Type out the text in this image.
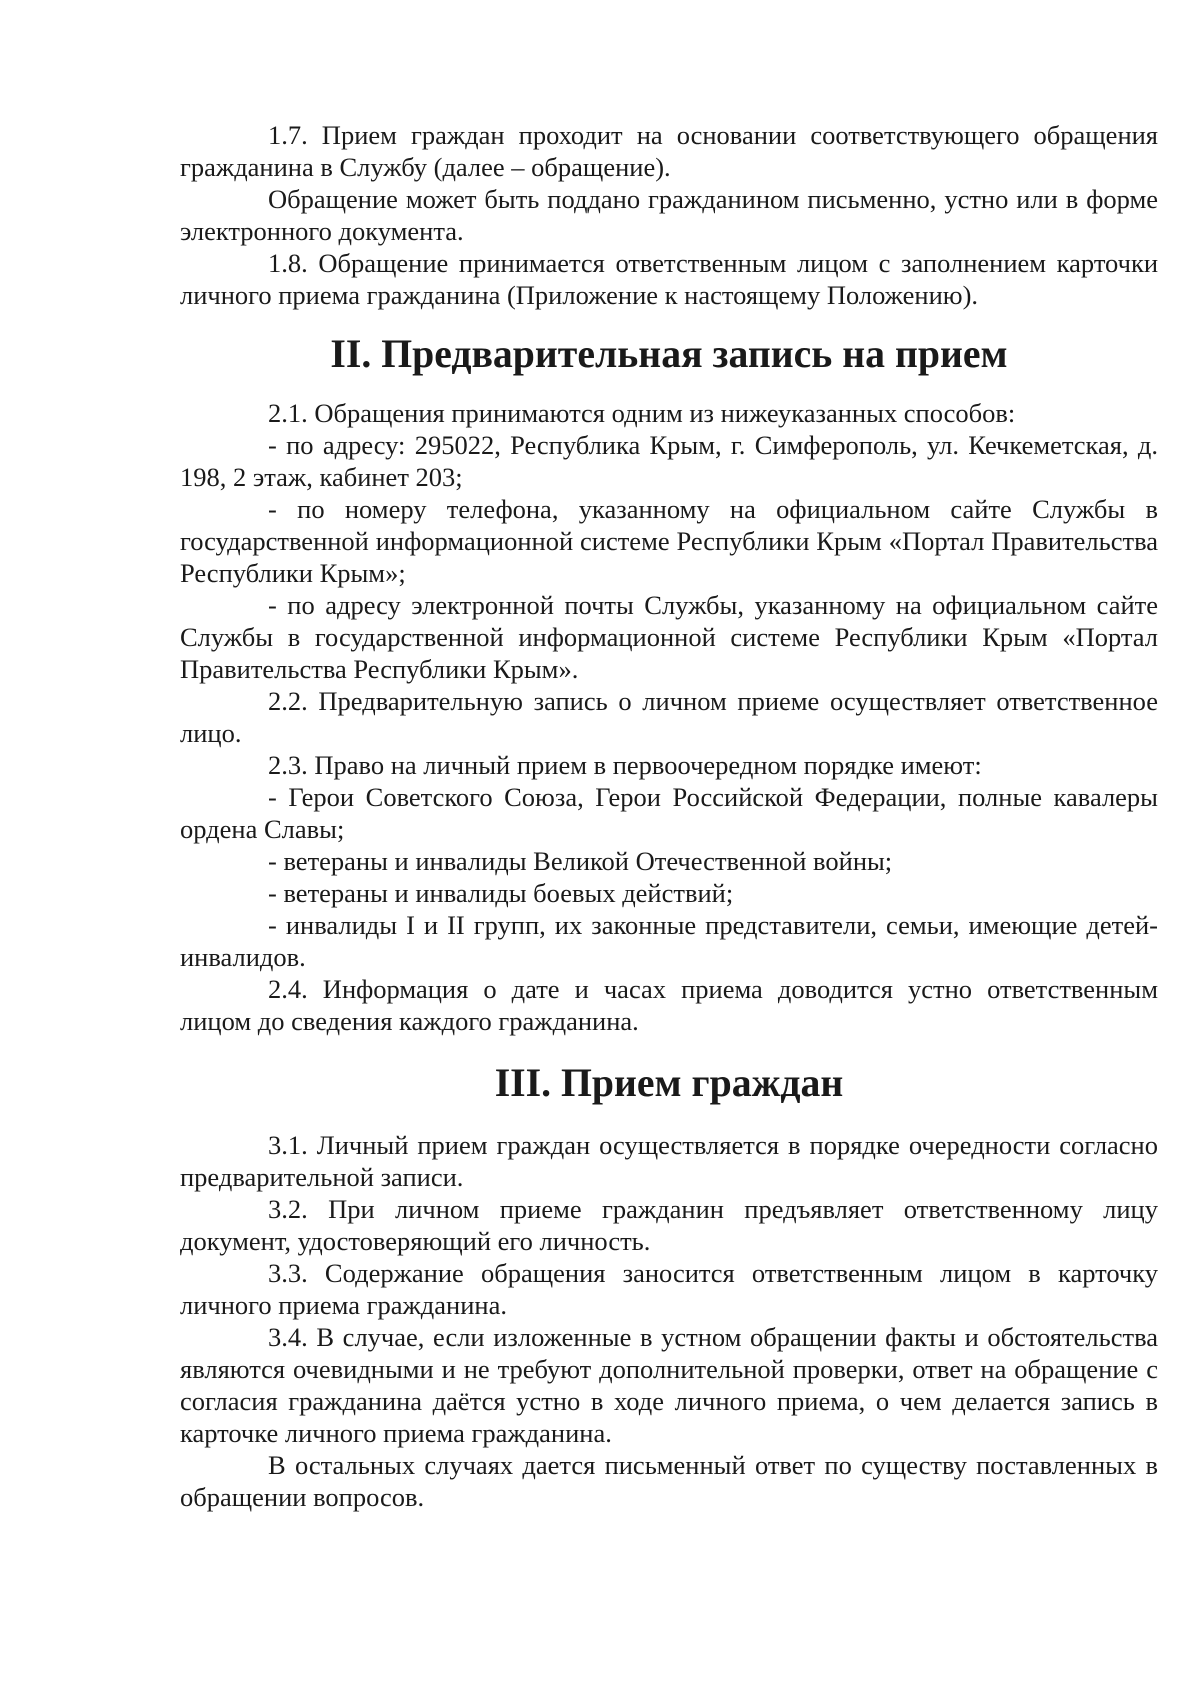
1.7. Прием граждан проходит на основании соответствующего обращения гражданина в Службу (далее – обращение).

Обращение может быть поддано гражданином письменно, устно или в форме электронного документа.

1.8. Обращение принимается ответственным лицом с заполнением карточки личного приема гражданина (Приложение к настоящему Положению).

II. Предварительная запись на прием

2.1. Обращения принимаются одним из нижеуказанных способов:

- по адресу: 295022, Республика Крым, г. Симферополь, ул. Кечкеметская, д. 198, 2 этаж, кабинет 203;

- по номеру телефона, указанному на официальном сайте Службы в государственной информационной системе Республики Крым «Портал Правительства Республики Крым»;

- по адресу электронной почты Службы, указанному на официальном сайте Службы в государственной информационной системе Республики Крым «Портал Правительства Республики Крым».

2.2. Предварительную запись о личном приеме осуществляет ответственное лицо.

2.3. Право на личный прием в первоочередном порядке имеют:

- Герои Советского Союза, Герои Российской Федерации, полные кавалеры ордена Славы;

- ветераны и инвалиды Великой Отечественной войны;

- ветераны и инвалиды боевых действий;

- инвалиды I и II групп, их законные представители, семьи, имеющие детей-инвалидов.

2.4. Информация о дате и часах приема доводится устно ответственным лицом до сведения каждого гражданина.

III. Прием граждан

3.1. Личный прием граждан осуществляется в порядке очередности согласно предварительной записи.

3.2. При личном приеме гражданин предъявляет ответственному лицу документ, удостоверяющий его личность.

3.3. Содержание обращения заносится ответственным лицом в карточку личного приема гражданина.

3.4. В случае, если изложенные в устном обращении факты и обстоятельства являются очевидными и не требуют дополнительной проверки, ответ на обращение с согласия гражданина даётся устно в ходе личного приема, о чем делается запись в карточке личного приема гражданина.

В остальных случаях дается письменный ответ по существу поставленных в обращении вопросов.
